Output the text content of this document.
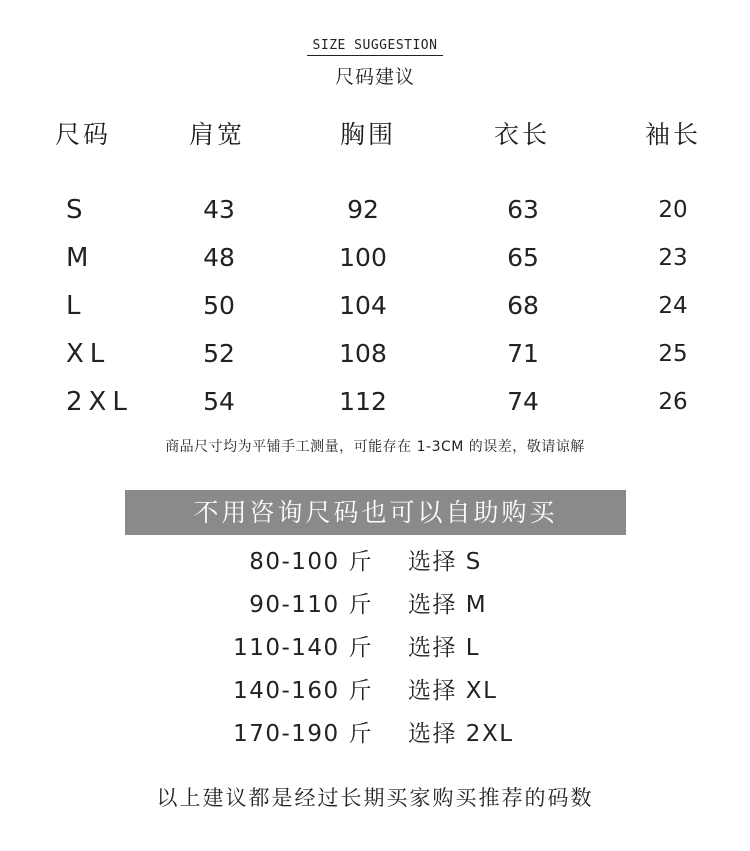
SIZE SUGGESTION
尺码建议
尺码	肩宽	胸围	衣长	袖长
S	43	92	63	20
M	48	100	65	23
L	50	104	68	24
XL	52	108	71	25
2XL	54	112	74	26
商品尺寸均为平铺手工测量，可能存在 1-3CM 的误差，敬请谅解
不用咨询尺码也可以自助购买
80-100 斤 选择 S
90-110 斤 选择 M
110-140 斤 选择 L
140-160 斤 选择 XL
170-190 斤 选择 2XL
以上建议都是经过长期买家购买推荐的码数
